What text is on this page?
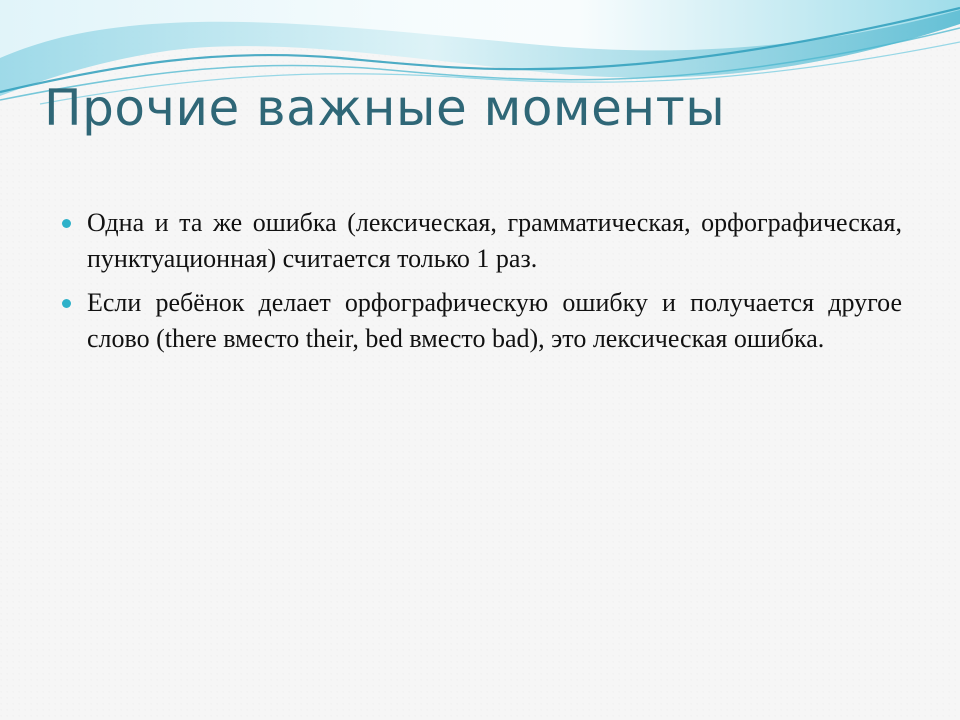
Прочие важные моменты
Одна и та же ошибка (лексическая, грамматическая, орфографическая, пунктуационная) считается только 1 раз.
Если ребёнок делает орфографическую ошибку и получается другое слово (there вместо their, bed вместо bad), это лексическая ошибка.
